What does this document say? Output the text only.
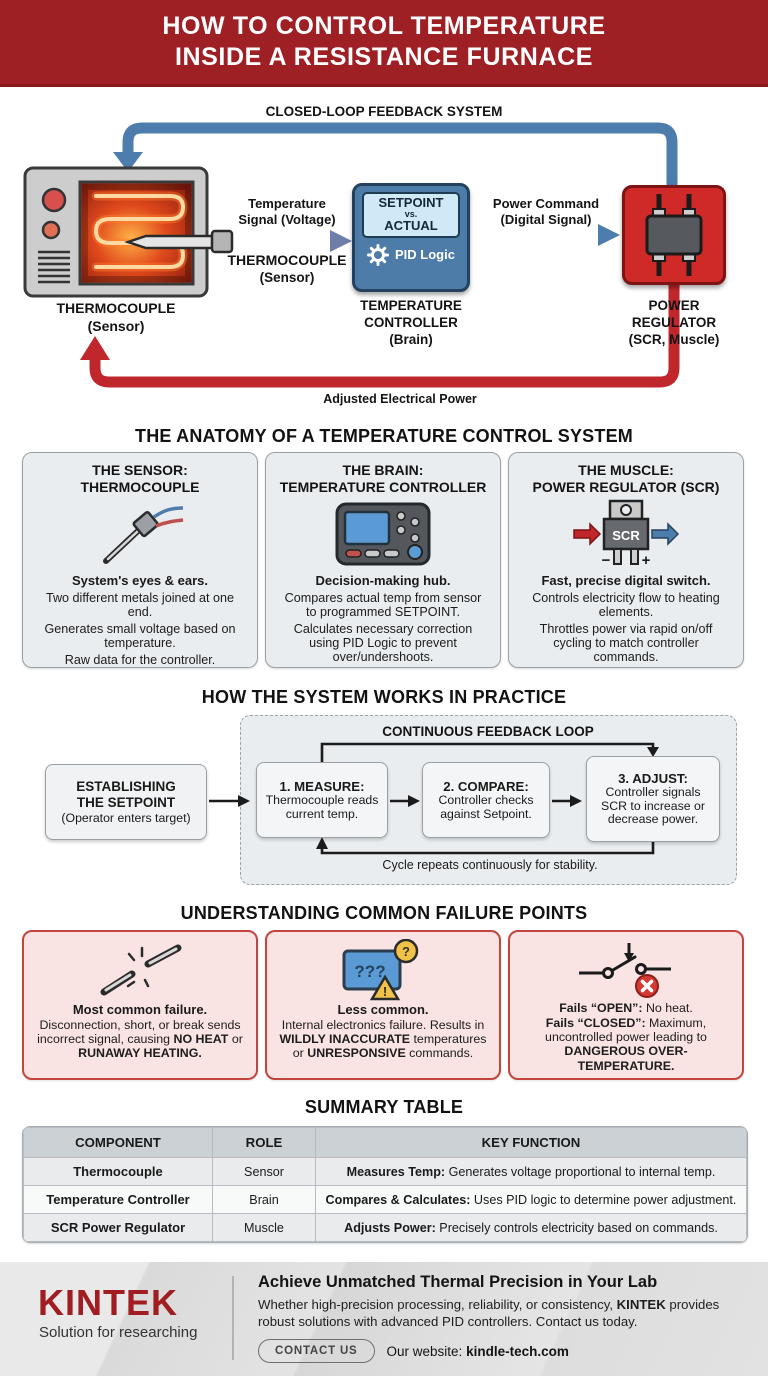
HOW TO CONTROL TEMPERATURE
INSIDE A RESISTANCE FURNACE
CLOSED-LOOP FEEDBACK SYSTEM
Temperature
Signal (Voltage)
THERMOCOUPLE
(Sensor)
Power Command
(Digital Signal)
SETPOINT
vs.
ACTUAL
PID Logic
THERMOCOUPLE
(Sensor)
TEMPERATURE
CONTROLLER
(Brain)
POWER REGULATOR
(SCR, Muscle)
Adjusted Electrical Power
THE ANATOMY OF A TEMPERATURE CONTROL SYSTEM
THE SENSOR:
THERMOCOUPLE
System's eyes & ears.
Two different metals joined at one end.
Generates small voltage based on temperature.
Raw data for the controller.
THE BRAIN:
TEMPERATURE CONTROLLER
Decision-making hub.
Compares actual temp from sensor to programmed SETPOINT.
Calculates necessary correction using PID Logic to prevent over/undershoots.
THE MUSCLE:
POWER REGULATOR (SCR)
SCR
− +
Fast, precise digital switch.
Controls electricity flow to heating elements.
Throttles power via rapid on/off cycling to match controller commands.
HOW THE SYSTEM WORKS IN PRACTICE
CONTINUOUS FEEDBACK LOOP
ESTABLISHING
THE SETPOINT
(Operator enters target)
1. MEASURE:
Thermocouple reads current temp.
2. COMPARE:
Controller checks against Setpoint.
3. ADJUST:
Controller signals SCR to increase or decrease power.
Cycle repeats continuously for stability.
UNDERSTANDING COMMON FAILURE POINTS
Most common failure.
Disconnection, short, or break sends incorrect signal, causing NO HEAT or RUNAWAY HEATING.
???
?
!
Less common.
Internal electronics failure. Results in WILDLY INACCURATE temperatures or UNRESPONSIVE commands.
Fails “OPEN”: No heat.
Fails “CLOSED”: Maximum, uncontrolled power leading to DANGEROUS OVER-TEMPERATURE.
SUMMARY TABLE
COMPONENT	ROLE	KEY FUNCTION
Thermocouple	Sensor	Measures Temp: Generates voltage proportional to internal temp.
Temperature Controller	Brain	Compares & Calculates: Uses PID logic to determine power adjustment.
SCR Power Regulator	Muscle	Adjusts Power: Precisely controls electricity based on commands.
KINTEK
Solution for researching
Achieve Unmatched Thermal Precision in Your Lab
Whether high-precision processing, reliability, or consistency, KINTEK provides robust solutions with advanced PID controllers. Contact us today.
CONTACT US	Our website: kindle-tech.com
